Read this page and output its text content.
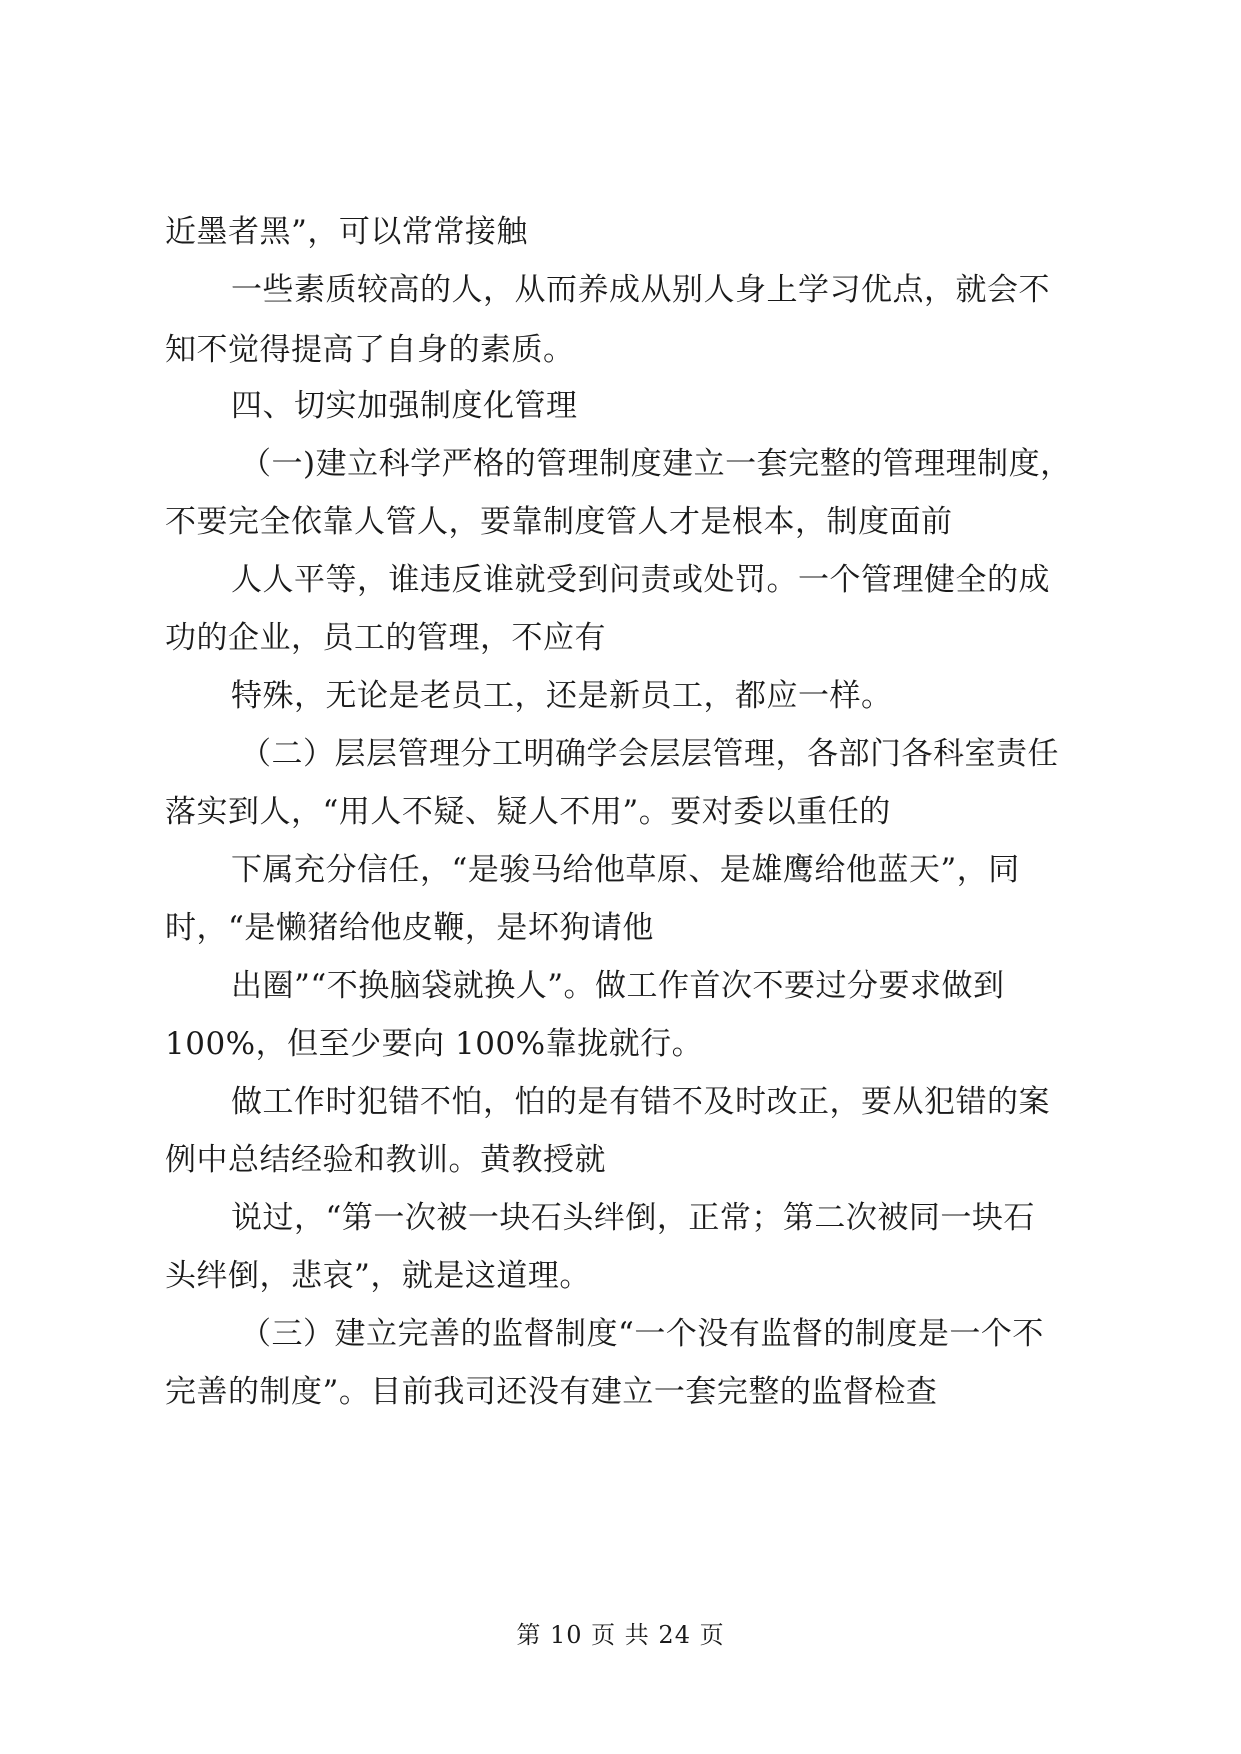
近墨者黑”，可以常常接触
一些素质较高的人，从而养成从别人身上学习优点，就会不
知不觉得提高了自身的素质。
四、切实加强制度化管理
（一)建立科学严格的管理制度建立一套完整的管理理制度，
不要完全依靠人管人，要靠制度管人才是根本，制度面前
人人平等，谁违反谁就受到问责或处罚。一个管理健全的成
功的企业，员工的管理，不应有
特殊，无论是老员工，还是新员工，都应一样。
（二）层层管理分工明确学会层层管理，各部门各科室责任
落实到人，“用人不疑、疑人不用”。要对委以重任的
下属充分信任，“是骏马给他草原、是雄鹰给他蓝天”，同
时，“是懒猪给他皮鞭，是坏狗请他
出圈”“不换脑袋就换人”。做工作首次不要过分要求做到
100%，但至少要向 100%靠拢就行。
做工作时犯错不怕，怕的是有错不及时改正，要从犯错的案
例中总结经验和教训。黄教授就
说过，“第一次被一块石头绊倒，正常；第二次被同一块石
头绊倒，悲哀”，就是这道理。
（三）建立完善的监督制度“一个没有监督的制度是一个不
完善的制度”。目前我司还没有建立一套完整的监督检查
第 10 页 共 24 页
